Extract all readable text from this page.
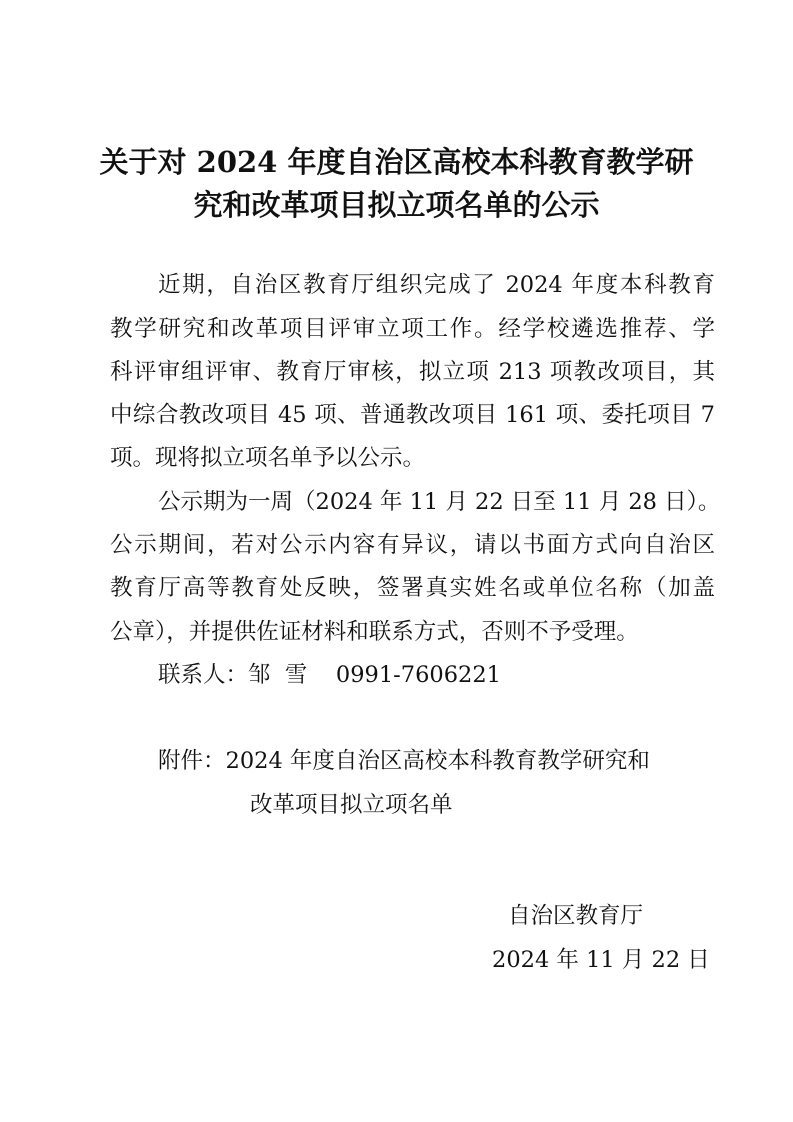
关于对 2024 年度自治区高校本科教育教学研
究和改革项目拟立项名单的公示
近期，自治区教育厅组织完成了 2024 年度本科教育
教学研究和改革项目评审立项工作。经学校遴选推荐、学
科评审组评审、教育厅审核，拟立项 213 项教改项目，其
中综合教改项目 45 项、普通教改项目 161 项、委托项目 7
项。现将拟立项名单予以公示。
公示期为一周（2024 年 11 月 22 日至 11 月 28 日）。
公示期间，若对公示内容有异议，请以书面方式向自治区
教育厅高等教育处反映，签署真实姓名或单位名称（加盖
公章），并提供佐证材料和联系方式，否则不予受理。
联系人：邹  雪    0991-7606221
附件：2024 年度自治区高校本科教育教学研究和
改革项目拟立项名单
自治区教育厅
2024 年 11 月 22 日
